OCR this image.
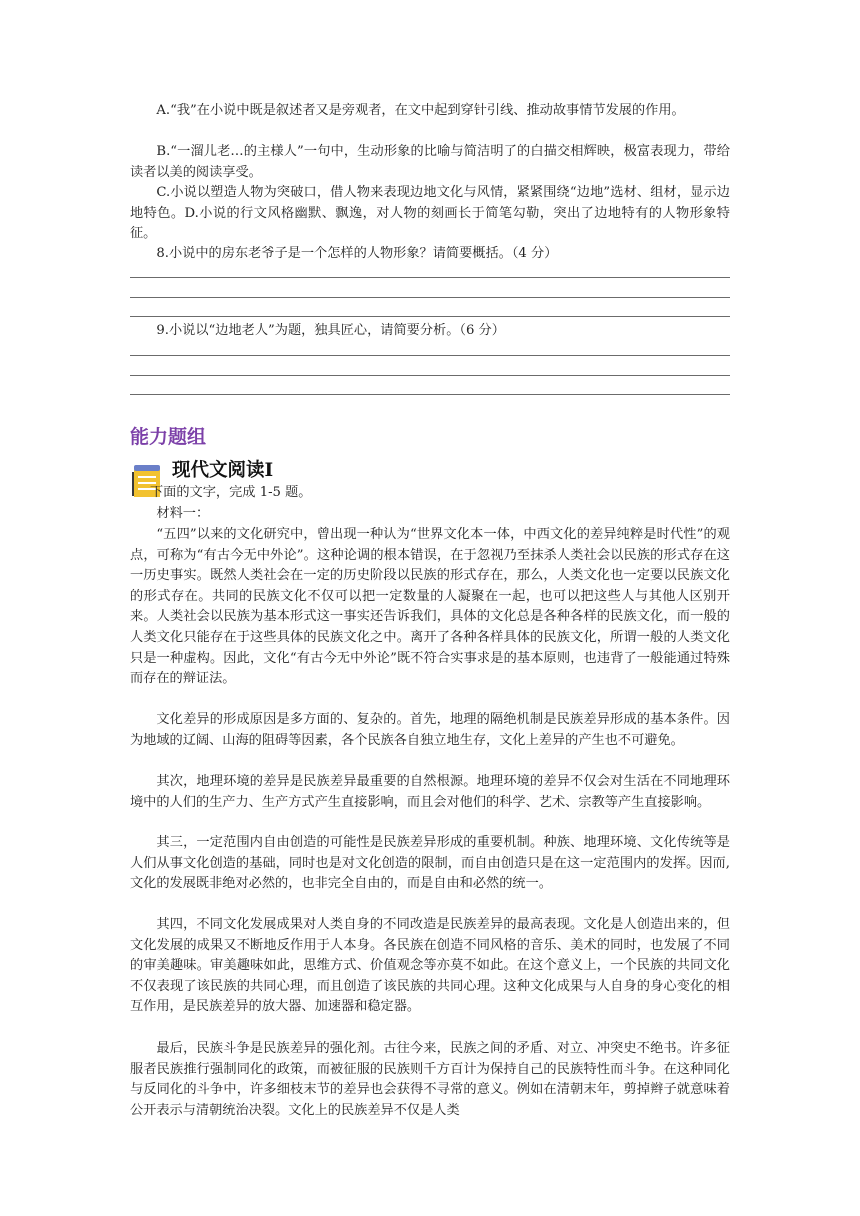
A.“我”在小说中既是叙述者又是旁观者，在文中起到穿针引线、推动故事情节发展的作用。

B.“一溜儿老…的主様人”一句中，生动形象的比喻与简洁明了的白描交相辉映，极富表现力，带给读者以美的阅读享受。

C.小说以塑造人物为突破口，借人物来表现边地文化与风情，紧紧围绕“边地”选材、组材，显示边地特色。D.小说的行文风格幽默、飘逸，对人物的刻画长于简笔勾勒，突出了边地特有的人物形象特征。

8.小说中的房东老爷子是一个怎样的人物形象？请简要概括。（4 分）

9.小说以“边地老人”为题，独具匠心，请简要分析。（6 分）

能力题组
现代文阅读Ⅰ

下面的文字，完成 1-5 题。

材料一：

“五四”以来的文化研究中，曾出现一种认为“世界文化本一体，中西文化的差异纯粹是时代性”的观点，可称为“有古今无中外论”。这种论调的根本错误，在于忽视乃至抹杀人类社会以民族的形式存在这一历史事实。既然人类社会在一定的历史阶段以民族的形式存在，那么，人类文化也一定要以民族文化的形式存在。共同的民族文化不仅可以把一定数量的人凝聚在一起，也可以把这些人与其他人区别开来。人类社会以民族为基本形式这一事实还告诉我们，具体的文化总是各种各样的民族文化，而一般的人类文化只能存在于这些具体的民族文化之中。离开了各种各样具体的民族文化，所谓一般的人类文化只是一种虚构。因此，文化“有古今无中外论”既不符合实事求是的基本原则，也违背了一般能通过特殊而存在的辩证法。

文化差异的形成原因是多方面的、复杂的。首先，地理的隔绝机制是民族差异形成的基本条件。因为地域的辽阔、山海的阻碍等因素，各个民族各自独立地生存，文化上差异的产生也不可避免。

其次，地理环境的差异是民族差异最重要的自然根源。地理环境的差异不仅会对生活在不同地理环境中的人们的生产力、生产方式产生直接影响，而且会对他们的科学、艺术、宗教等产生直接影响。

其三，一定范围内自由创造的可能性是民族差异形成的重要机制。种族、地理环境、文化传统等是人们从事文化创造的基础，同时也是对文化创造的限制，而自由创造只是在这一定范围内的发挥。因而,文化的发展既非绝对必然的，也非完全自由的，而是自由和必然的统一。

其四，不同文化发展成果对人类自身的不同改造是民族差异的最高表现。文化是人创造出来的，但文化发展的成果又不断地反作用于人本身。各民族在创造不同风格的音乐、美术的同时，也发展了不同的审美趣味。审美趣味如此，思维方式、价值观念等亦莫不如此。在这个意义上，一个民族的共同文化不仅表现了该民族的共同心理，而且创造了该民族的共同心理。这种文化成果与人自身的身心变化的相互作用，是民族差异的放大器、加速器和稳定器。

最后，民族斗争是民族差异的强化剂。古往今来，民族之间的矛盾、对立、冲突史不绝书。许多征服者民族推行强制同化的政策，而被征服的民族则千方百计为保持自己的民族特性而斗争。在这种同化与反同化的斗争中，许多细枝末节的差异也会获得不寻常的意义。例如在清朝末年，剪掉辫子就意味着公开表示与清朝统治决裂。文化上的民族差异不仅是人类
